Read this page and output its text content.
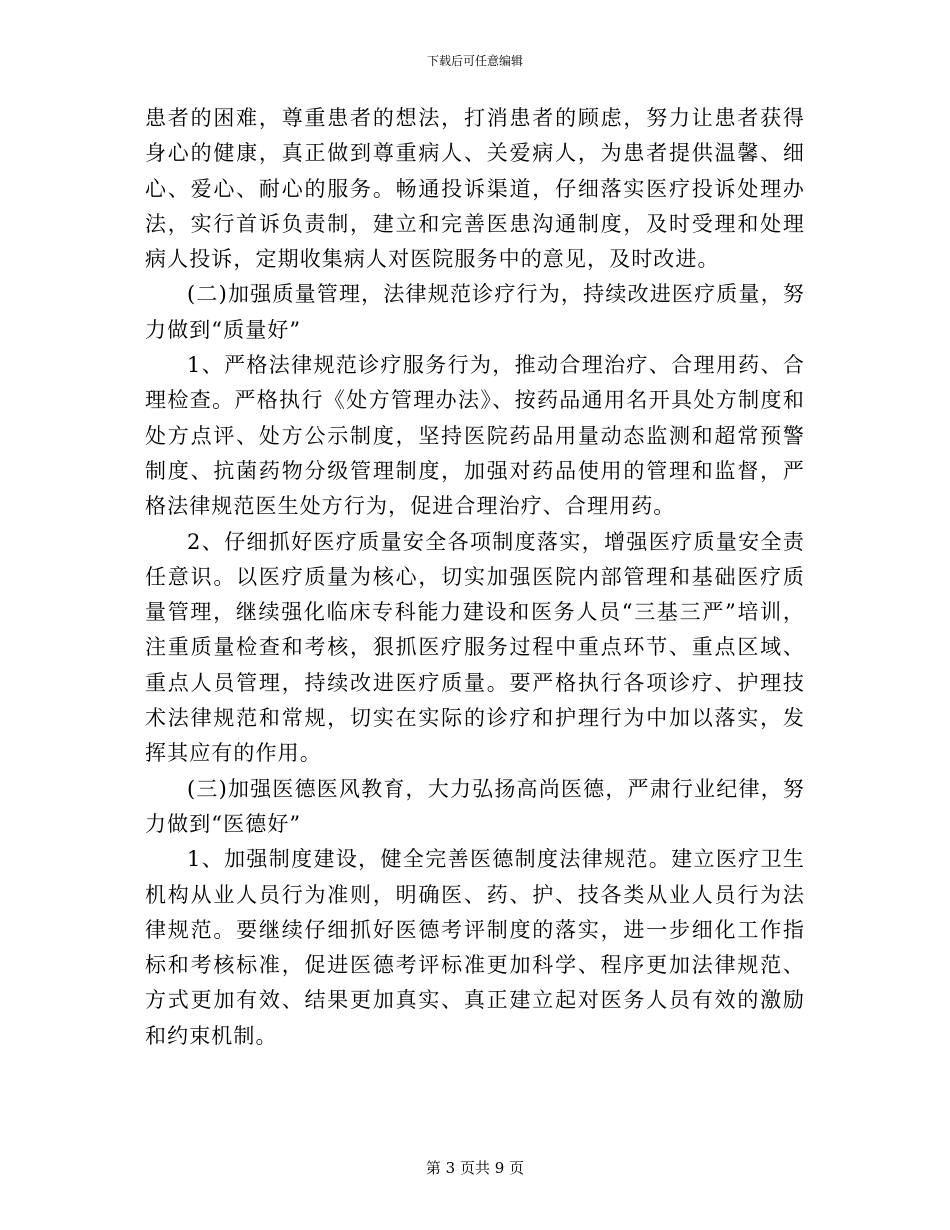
下载后可任意编辑

患者的困难，尊重患者的想法，打消患者的顾虑，努力让患者获得身心的健康，真正做到尊重病人、关爱病人，为患者提供温馨、细心、爱心、耐心的服务。畅通投诉渠道，仔细落实医疗投诉处理办法，实行首诉负责制，建立和完善医患沟通制度，及时受理和处理病人投诉，定期收集病人对医院服务中的意见，及时改进。

(二)加强质量管理，法律规范诊疗行为，持续改进医疗质量，努力做到“质量好”

1、严格法律规范诊疗服务行为，推动合理治疗、合理用药、合理检查。严格执行《处方管理办法》、按药品通用名开具处方制度和处方点评、处方公示制度，坚持医院药品用量动态监测和超常预警制度、抗菌药物分级管理制度，加强对药品使用的管理和监督，严格法律规范医生处方行为，促进合理治疗、合理用药。

2、仔细抓好医疗质量安全各项制度落实，增强医疗质量安全责任意识。以医疗质量为核心，切实加强医院内部管理和基础医疗质量管理，继续强化临床专科能力建设和医务人员“三基三严”培训，注重质量检查和考核，狠抓医疗服务过程中重点环节、重点区域、重点人员管理，持续改进医疗质量。要严格执行各项诊疗、护理技术法律规范和常规，切实在实际的诊疗和护理行为中加以落实，发挥其应有的作用。

(三)加强医德医风教育，大力弘扬高尚医德，严肃行业纪律，努力做到“医德好”

1、加强制度建设，健全完善医德制度法律规范。建立医疗卫生机构从业人员行为准则，明确医、药、护、技各类从业人员行为法律规范。要继续仔细抓好医德考评制度的落实，进一步细化工作指标和考核标准，促进医德考评标准更加科学、程序更加法律规范、方式更加有效、结果更加真实、真正建立起对医务人员有效的激励和约束机制。

第 3 页共 9 页
